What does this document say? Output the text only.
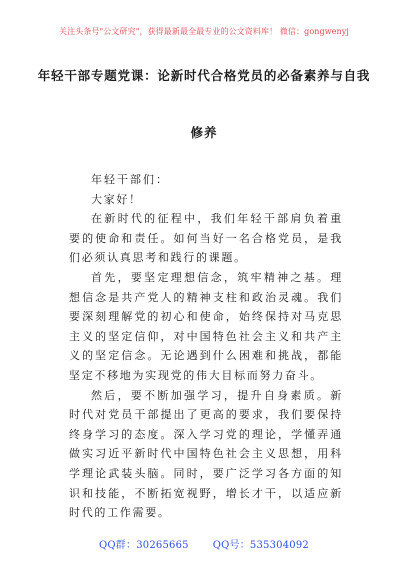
关注头条号"公文研究"，获得最新最全最专业的公文资料库！ 微信：gongwenyj
年轻干部专题党课：论新时代合格党员的必备素养与自我
修养

年轻干部们：

大家好！

在新时代的征程中，我们年轻干部肩负着重要的使命和责任。如何当好一名合格党员，是我们必须认真思考和践行的课题。

首先，要坚定理想信念，筑牢精神之基。理想信念是共产党人的精神支柱和政治灵魂。我们要深刻理解党的初心和使命，始终保持对马克思主义的坚定信仰，对中国特色社会主义和共产主义的坚定信念。无论遇到什么困难和挑战，都能坚定不移地为实现党的伟大目标而努力奋斗。

然后，要不断加强学习，提升自身素质。新时代对党员干部提出了更高的要求，我们要保持终身学习的态度。深入学习党的理论，学懂弄通做实习近平新时代中国特色社会主义思想，用科学理论武装头脑。同时，要广泛学习各方面的知识和技能，不断拓宽视野，增长才干，以适应新时代的工作需要。

QQ群：30265665 QQ号：535304092
